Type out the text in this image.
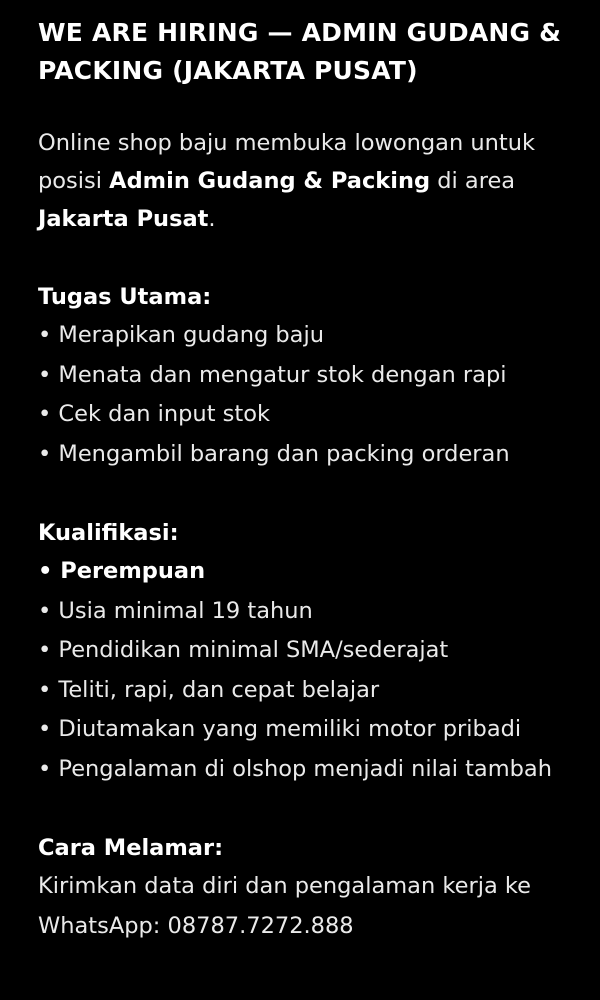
WE ARE HIRING — ADMIN GUDANG & PACKING (JAKARTA PUSAT)
Online shop baju membuka lowongan untuk posisi Admin Gudang & Packing di area Jakarta Pusat.
Tugas Utama:
• Merapikan gudang baju
• Menata dan mengatur stok dengan rapi
• Cek dan input stok
• Mengambil barang dan packing orderan
Kualifikasi:
• Perempuan
• Usia minimal 19 tahun
• Pendidikan minimal SMA/sederajat
• Teliti, rapi, dan cepat belajar
• Diutamakan yang memiliki motor pribadi
• Pengalaman di olshop menjadi nilai tambah
Cara Melamar:
Kirimkan data diri dan pengalaman kerja ke
WhatsApp: 08787.7272.888
